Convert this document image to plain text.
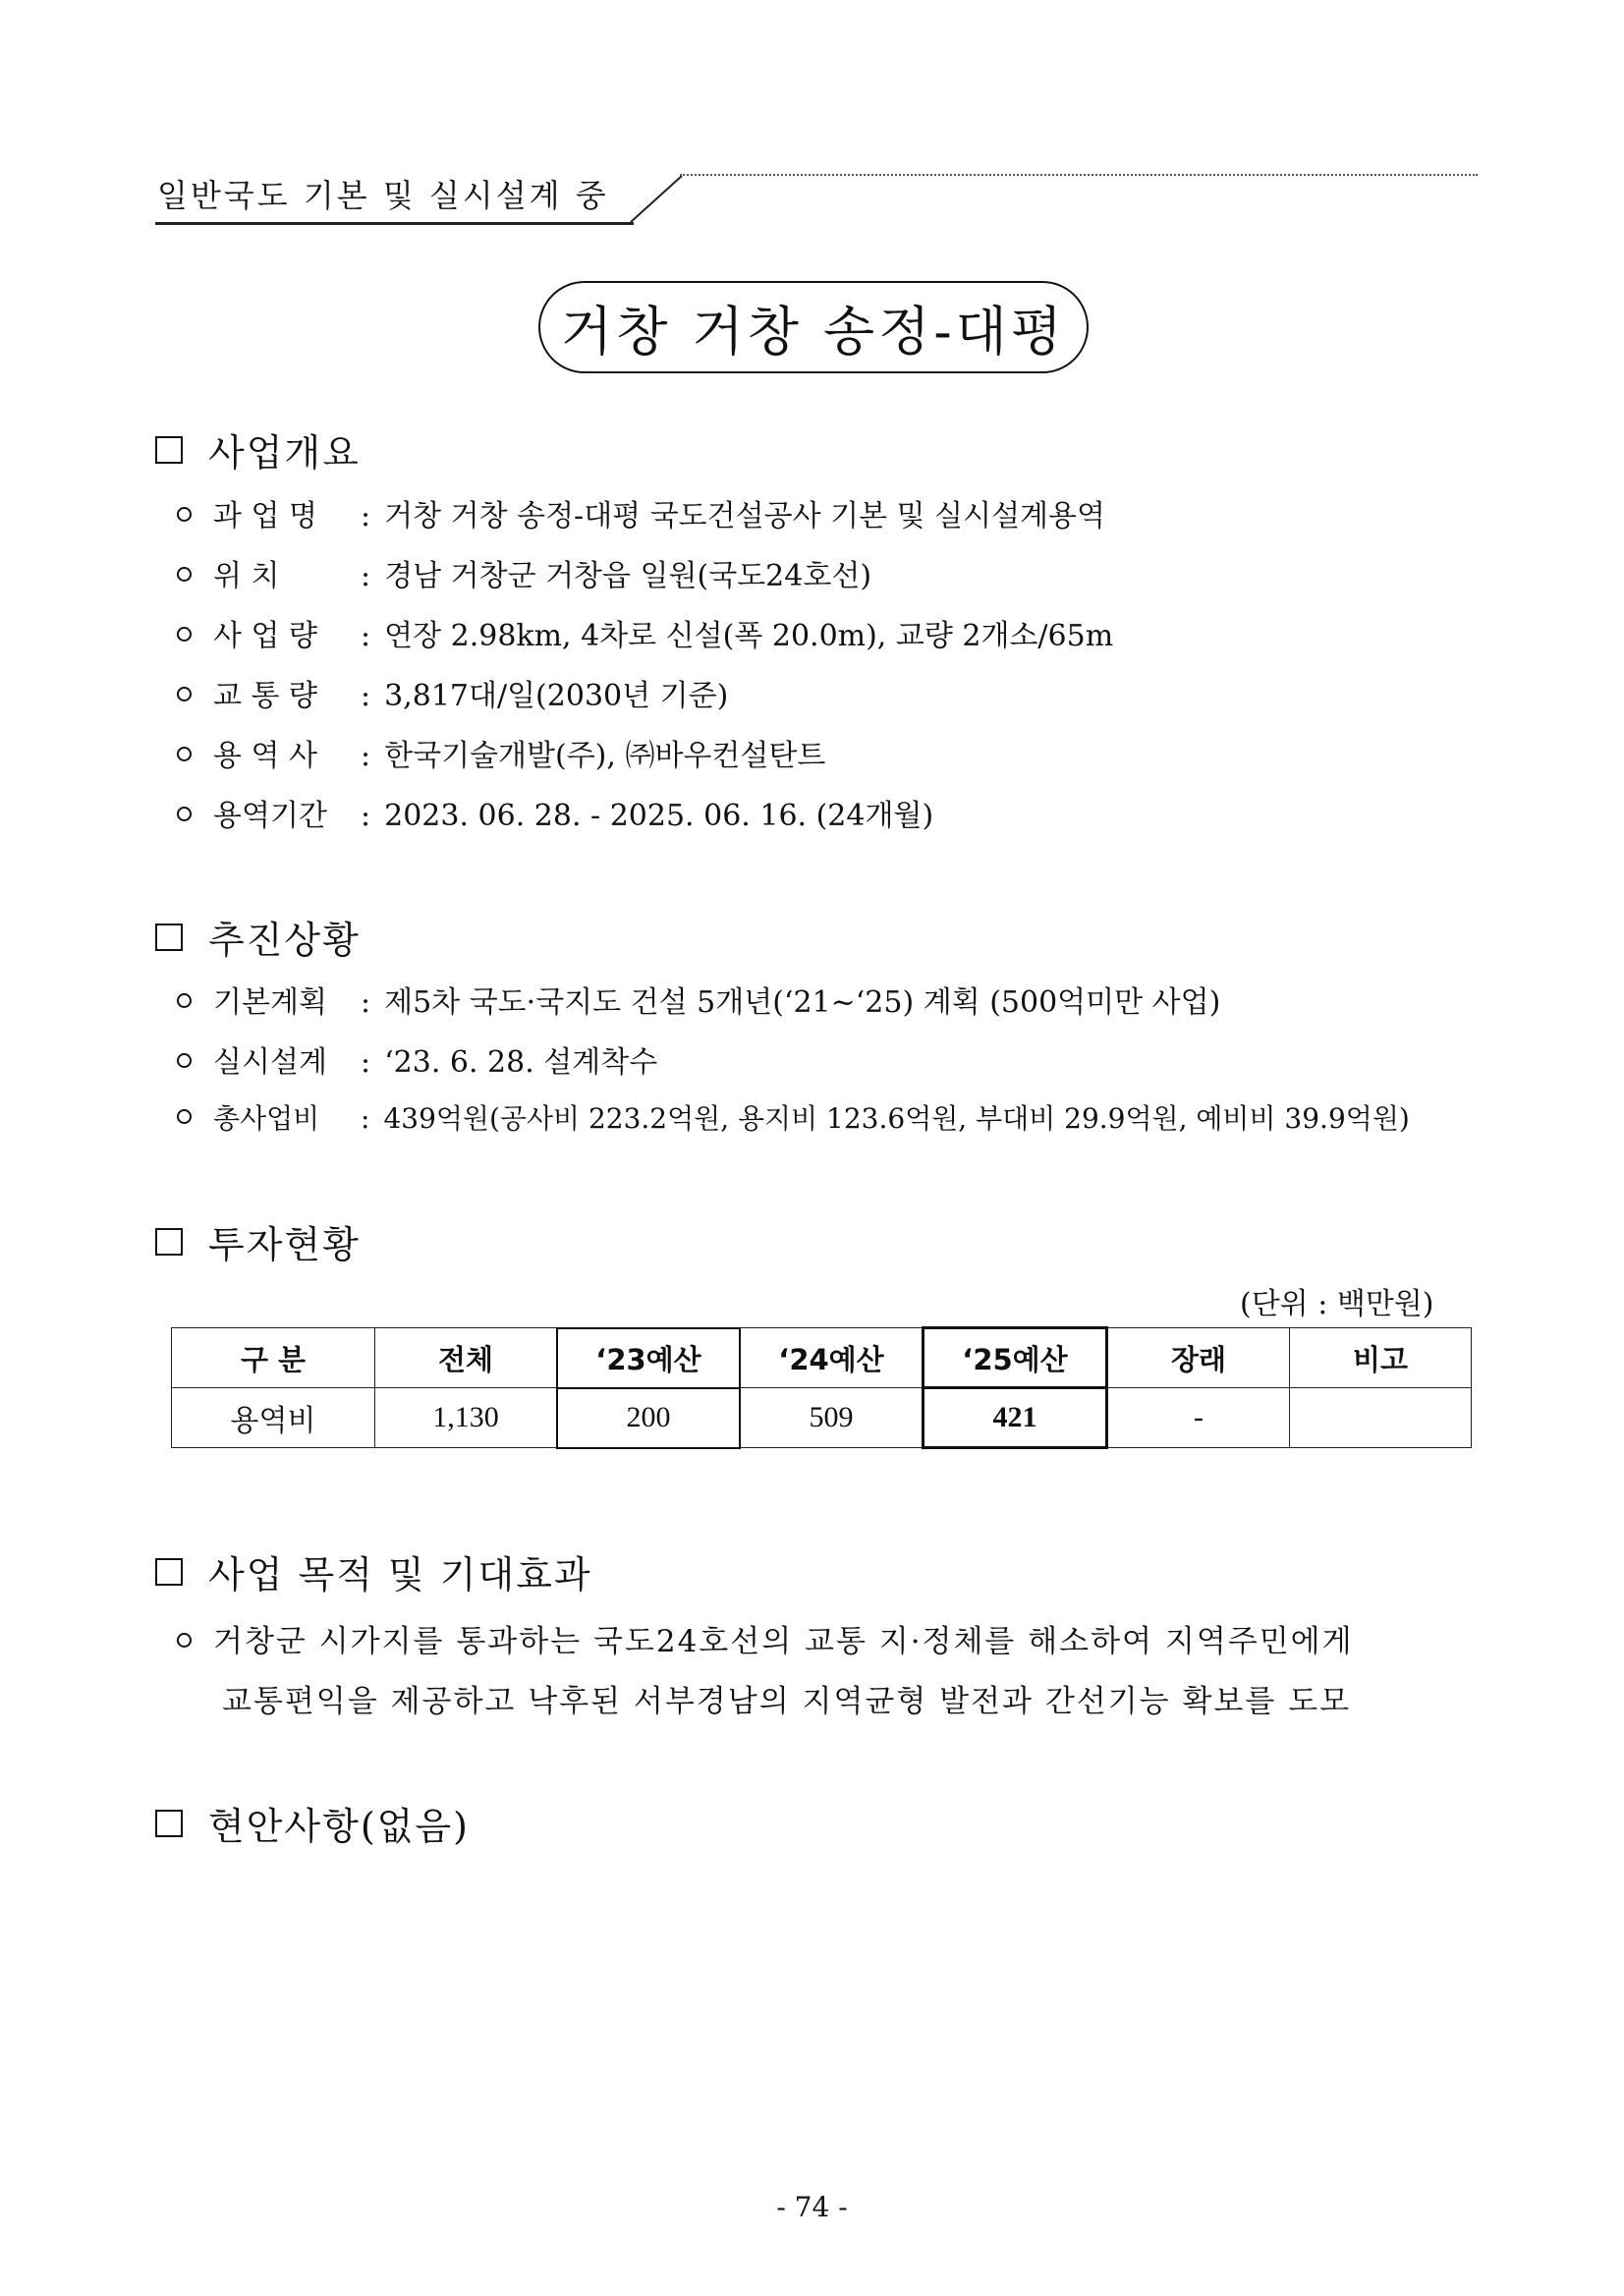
일반국도 기본 및 실시설계 중
거창 거창 송정-대평
사업개요
과 업 명	: 거창 거창 송정-대평 국도건설공사 기본 및 실시설계용역
위 치	: 경남 거창군 거창읍 일원(국도24호선)
사 업 량	: 연장 2.98km, 4차로 신설(폭 20.0m), 교량 2개소/65m
교 통 량	: 3,817대/일(2030년 기준)
용 역 사	: 한국기술개발(주), ㈜바우컨설탄트
용역기간	: 2023. 06. 28. - 2025. 06. 16. (24개월)
추진상황
기본계획	: 제5차 국도·국지도 건설 5개년(‘21~‘25) 계획 (500억미만 사업)
실시설계	: ‘23. 6. 28. 설계착수
총사업비	: 439억원(공사비 223.2억원, 용지비 123.6억원, 부대비 29.9억원, 예비비 39.9억원)
투자현황
(단위 : 백만원)
구 분	전체	‘23예산	‘24예산	‘25예산	장래	비고
용역비	1,130	200	509	421	-	
사업 목적 및 기대효과
거창군 시가지를 통과하는 국도24호선의 교통 지·정체를 해소하여 지역주민에게
교통편익을 제공하고 낙후된 서부경남의 지역균형 발전과 간선기능 확보를 도모
현안사항(없음)
- 74 -
